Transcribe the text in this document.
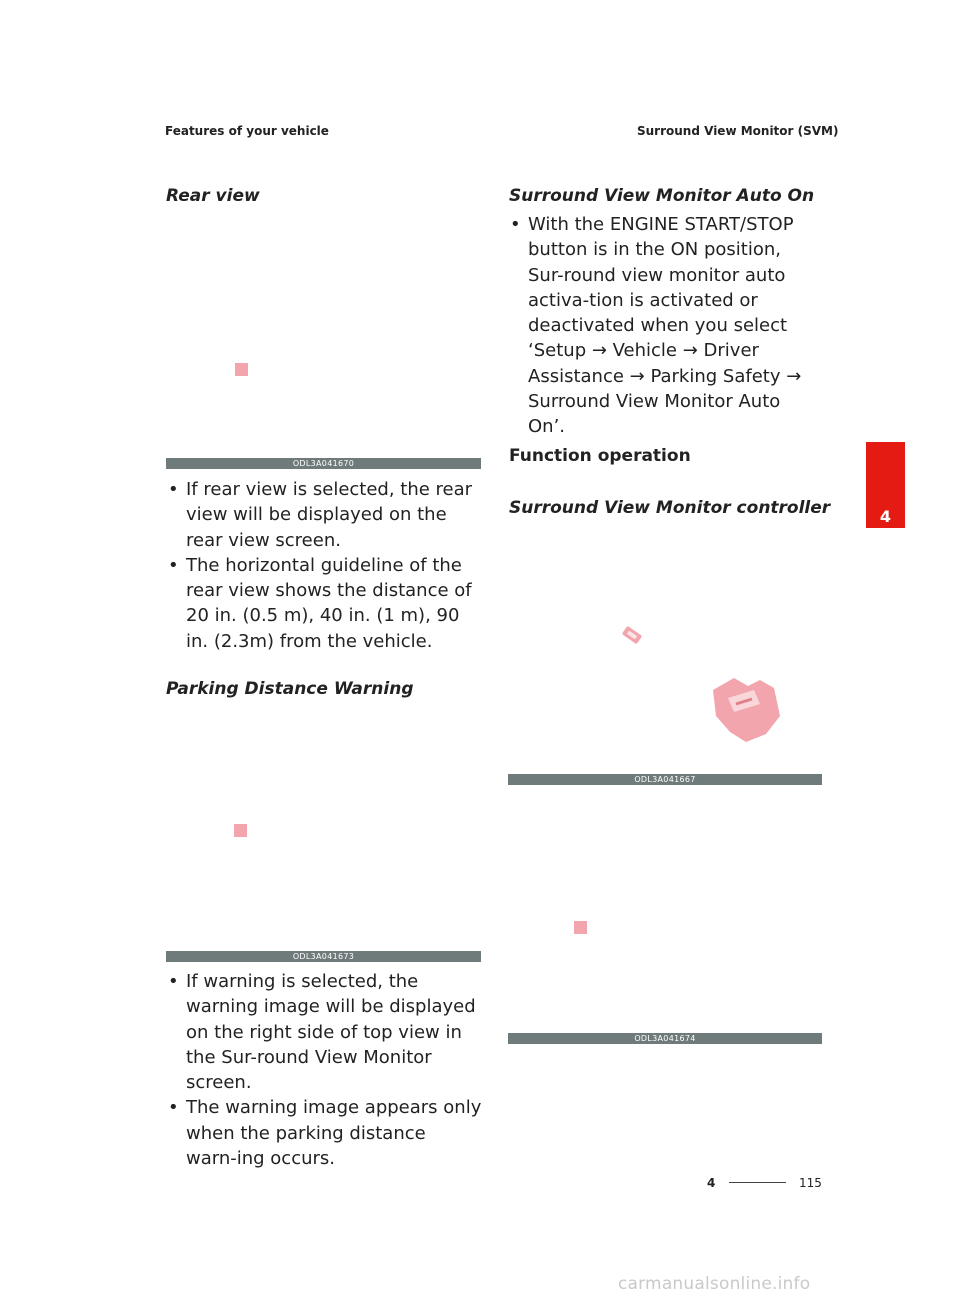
Features of your vehicle	Surround View Monitor (SVM)
Rear view
ODL3A041670
• If rear view is selected, the rear view will be displayed on the rear view screen.
• The horizontal guideline of the rear view shows the distance of 20 in. (0.5 m), 40 in. (1 m), 90 in. (2.3m) from the vehicle.
Parking Distance Warning
ODL3A041673
• If warning is selected, the warning image will be displayed on the right side of top view in the Sur-round View Monitor screen.
• The warning image appears only when the parking distance warn-ing occurs.
Surround View Monitor Auto On
• With the ENGINE START/STOP button is in the ON position, Sur-round view monitor auto activa-tion is activated or deactivated when you select ‘Setup → Vehicle → Driver Assistance → Parking Safety → Surround View Monitor Auto On’.
Function operation
Surround View Monitor controller
ODL3A041667
ODL3A041674
4
4	115
carmanualsonline.info
